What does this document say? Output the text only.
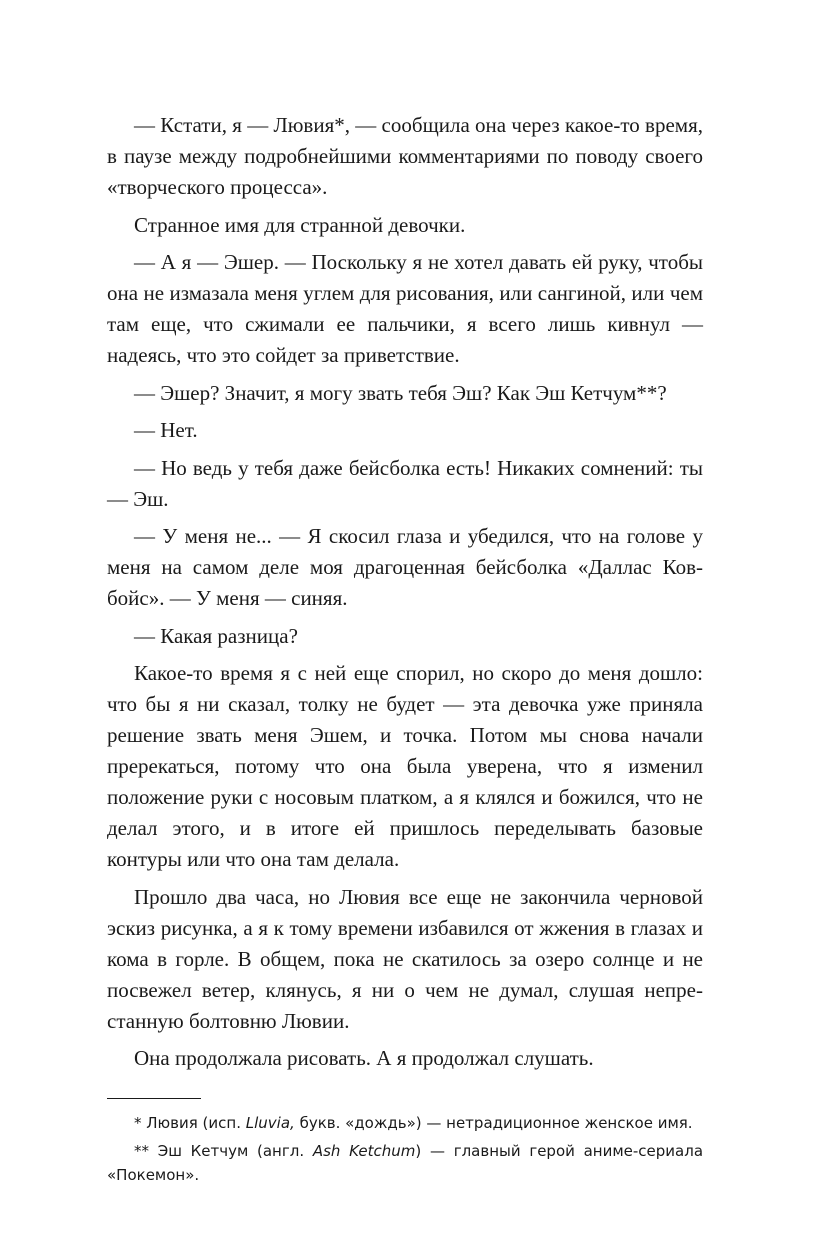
— Кстати, я — Лювия*, — сообщила она через какое-то время, в паузе между подробнейшими комментариями по поводу своего «творческого процесса».

Странное имя для странной девочки.

— А я — Эшер. — Поскольку я не хотел давать ей руку, чтобы она не измазала меня углем для рисования, или сангиной, или чем там еще, что сжимали ее пальчики, я всего лишь кивнул — надеясь, что это сойдет за приветствие.

— Эшер? Значит, я могу звать тебя Эш? Как Эш Кетчум**?

— Нет.

— Но ведь у тебя даже бейсболка есть! Никаких сомнений: ты — Эш.

— У меня не... — Я скосил глаза и убедился, что на голове у меня на самом деле моя драгоценная бейсболка «Даллас Ковбойс». — У меня — синяя.

— Какая разница?

Какое-то время я с ней еще спорил, но скоро до меня дошло: что бы я ни сказал, толку не будет — эта девочка уже приняла решение звать меня Эшем, и точка. Потом мы снова начали пререкаться, потому что она была уверена, что я изменил положение руки с носовым платком, а я клялся и божился, что не делал этого, и в итоге ей пришлось переделывать базовые контуры или что она там делала.

Прошло два часа, но Лювия все еще не закончила черновой эскиз рисунка, а я к тому времени избавился от жжения в глазах и кома в горле. В общем, пока не скатилось за озеро солнце и не посвежел ветер, клянусь, я ни о чем не думал, слушая непрестанную болтовню Лювии.

Она продолжала рисовать. А я продолжал слушать.

* Лювия (исп. Lluvia, букв. «дождь») — нетрадиционное женское имя.

** Эш Кетчум (англ. Ash Ketchum) — главный герой аниме-сериала «Покемон».
